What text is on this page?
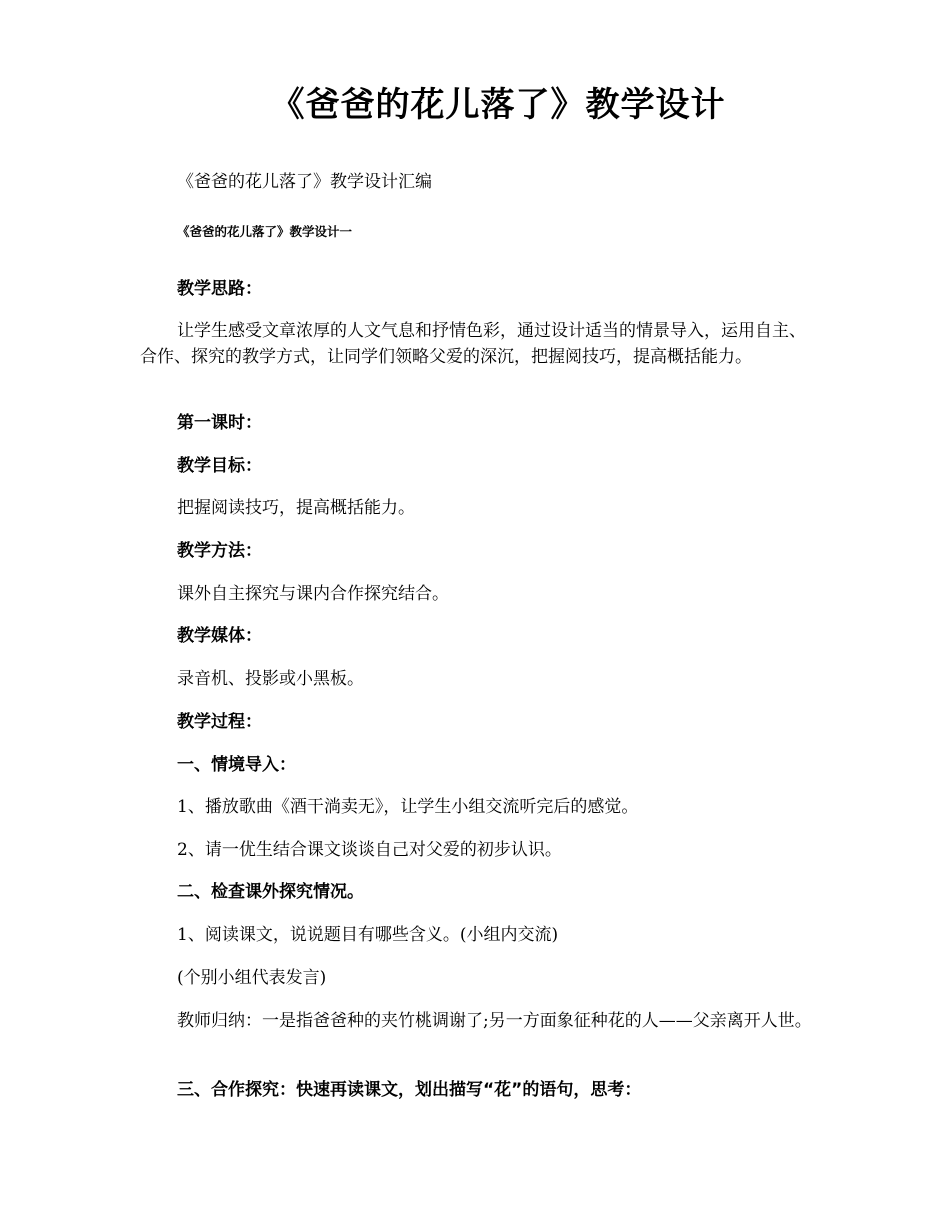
《爸爸的花儿落了》教学设计

《爸爸的花儿落了》教学设计汇编

《爸爸的花儿落了》教学设计一

教学思路：

让学生感受文章浓厚的人文气息和抒情色彩，通过设计适当的情景导入，运用自主、合作、探究的教学方式，让同学们领略父爱的深沉，把握阅技巧，提高概括能力。

第一课时：

教学目标：

把握阅读技巧，提高概括能力。

教学方法：

课外自主探究与课内合作探究结合。

教学媒体：

录音机、投影或小黑板。

教学过程：

一、情境导入：

1、播放歌曲《酒干淌卖无》，让学生小组交流听完后的感觉。

2、请一优生结合课文谈谈自己对父爱的初步认识。

二、检查课外探究情况。

1、阅读课文，说说题目有哪些含义。(小组内交流)

(个别小组代表发言)

教师归纳：一是指爸爸种的夹竹桃调谢了;另一方面象征种花的人——父亲离开人世。

三、合作探究：快速再读课文，划出描写“花”的语句，思考：
